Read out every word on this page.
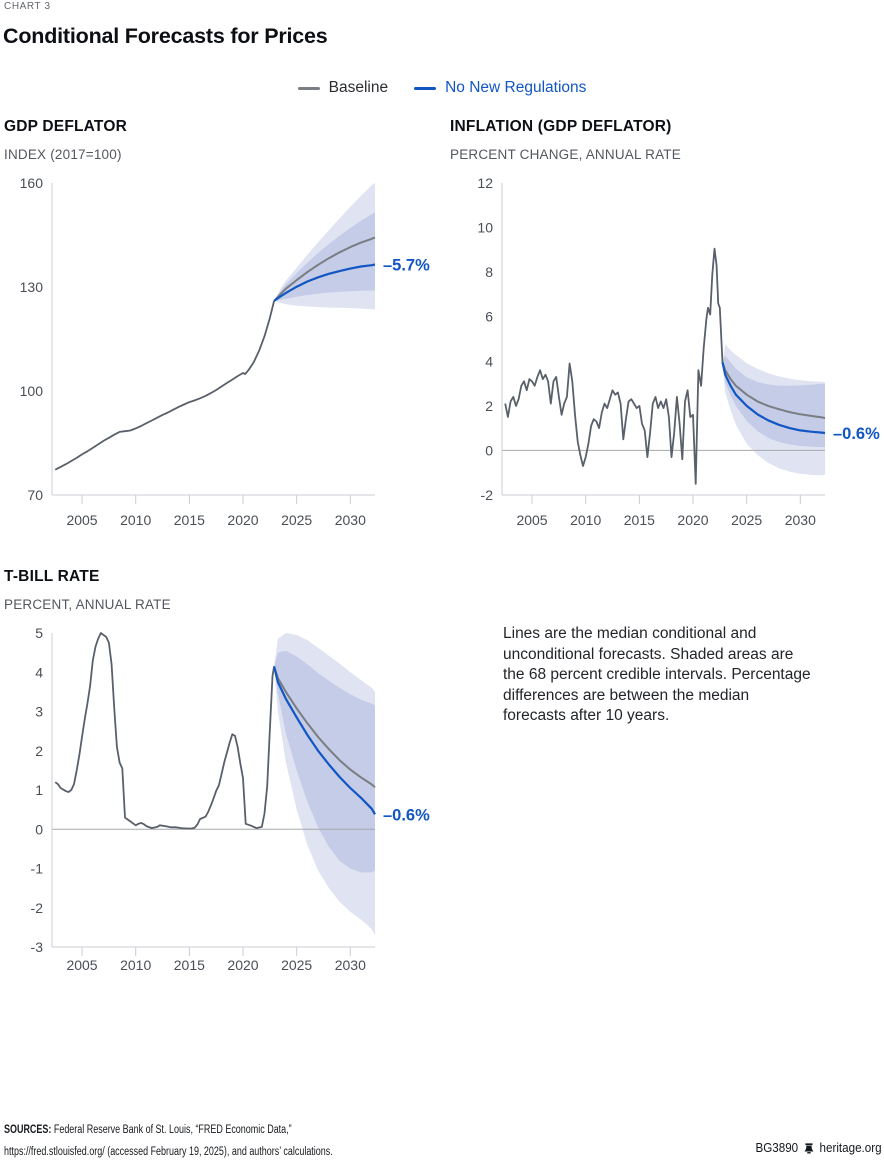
CHART 3
Conditional Forecasts for Prices
Baseline	No New Regulations
GDP DEFLATOR
INDEX (2017=100)
INFLATION (GDP DEFLATOR)
PERCENT CHANGE, ANNUAL RATE
T-BILL RATE
PERCENT, ANNUAL RATE
2005 2010 2015 2020 2025 2030
70
100
130
160
–5.7%
2005 2010 2015 2020 2025 2030
-2
0
2
4
6
8
10
12
–0.6%
2005 2010 2015 2020 2025 2030
-3
-2
-1
0
1
2
3
4
5
–0.6%
Lines are the median conditional and unconditional forecasts. Shaded areas are the 68 percent credible intervals. Percentage differences are between the median forecasts after 10 years.
SOURCES: Federal Reserve Bank of St. Louis, “FRED Economic Data,”
https://fred.stlouisfed.org/ (accessed February 19, 2025), and authors’ calculations.	BG3890 heritage.org
